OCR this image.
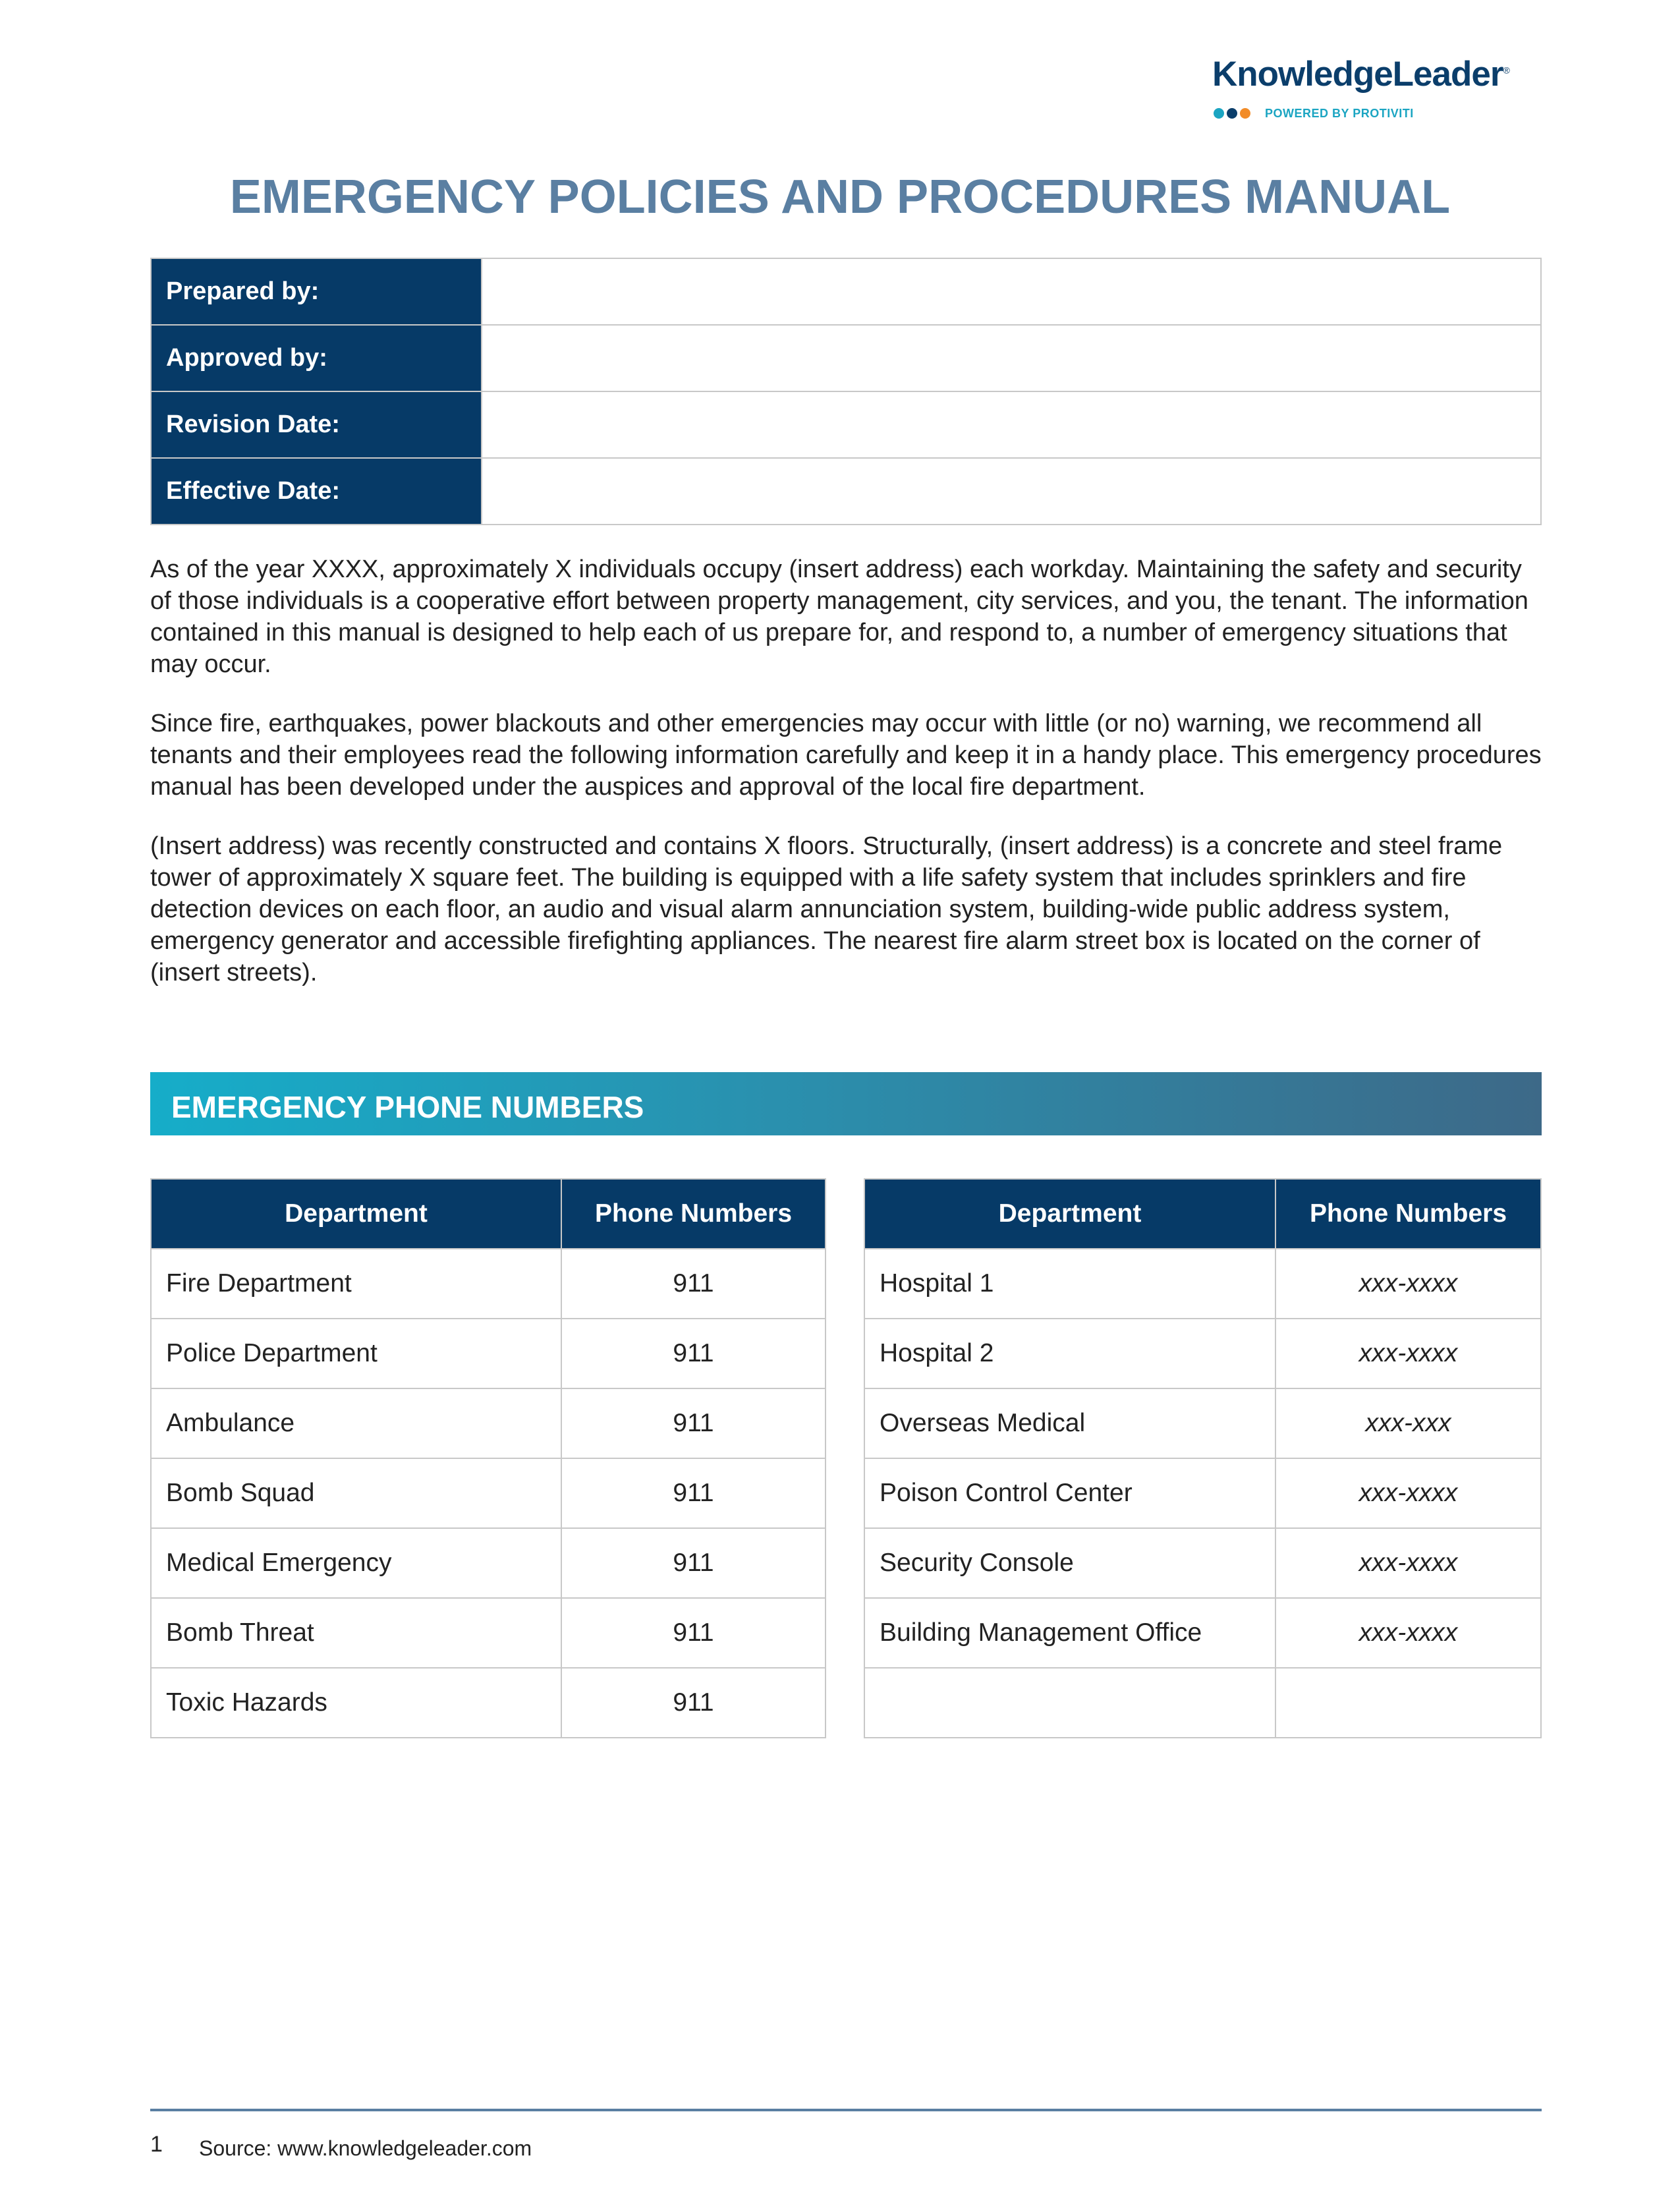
KnowledgeLeader®
POWERED BY PROTIVITI
EMERGENCY POLICIES AND PROCEDURES MANUAL
Prepared by:	
Approved by:	
Revision Date:	
Effective Date:	

As of the year XXXX, approximately X individuals occupy (insert address) each workday. Maintaining the safety and security of those individuals is a cooperative effort between property management, city services, and you, the tenant. The information contained in this manual is designed to help each of us prepare for, and respond to, a number of emergency situations that may occur.

Since fire, earthquakes, power blackouts and other emergencies may occur with little (or no) warning, we recommend all tenants and their employees read the following information carefully and keep it in a handy place. This emergency procedures manual has been developed under the auspices and approval of the local fire department.

(Insert address) was recently constructed and contains X floors. Structurally, (insert address) is a concrete and steel frame tower of approximately X square feet. The building is equipped with a life safety system that includes sprinklers and fire detection devices on each floor, an audio and visual alarm annunciation system, building-wide public address system, emergency generator and accessible firefighting appliances. The nearest fire alarm street box is located on the corner of (insert streets).

EMERGENCY PHONE NUMBERS
Department	Phone Numbers
Fire Department	911
Police Department	911
Ambulance	911
Bomb Squad	911
Medical Emergency	911
Bomb Threat	911
Toxic Hazards	911
Department	Phone Numbers
Hospital 1	xxx-xxxx
Hospital 2	xxx-xxxx
Overseas Medical	xxx-xxx
Poison Control Center	xxx-xxxx
Security Console	xxx-xxxx
Building Management Office	xxx-xxxx

1 Source: www.knowledgeleader.com
